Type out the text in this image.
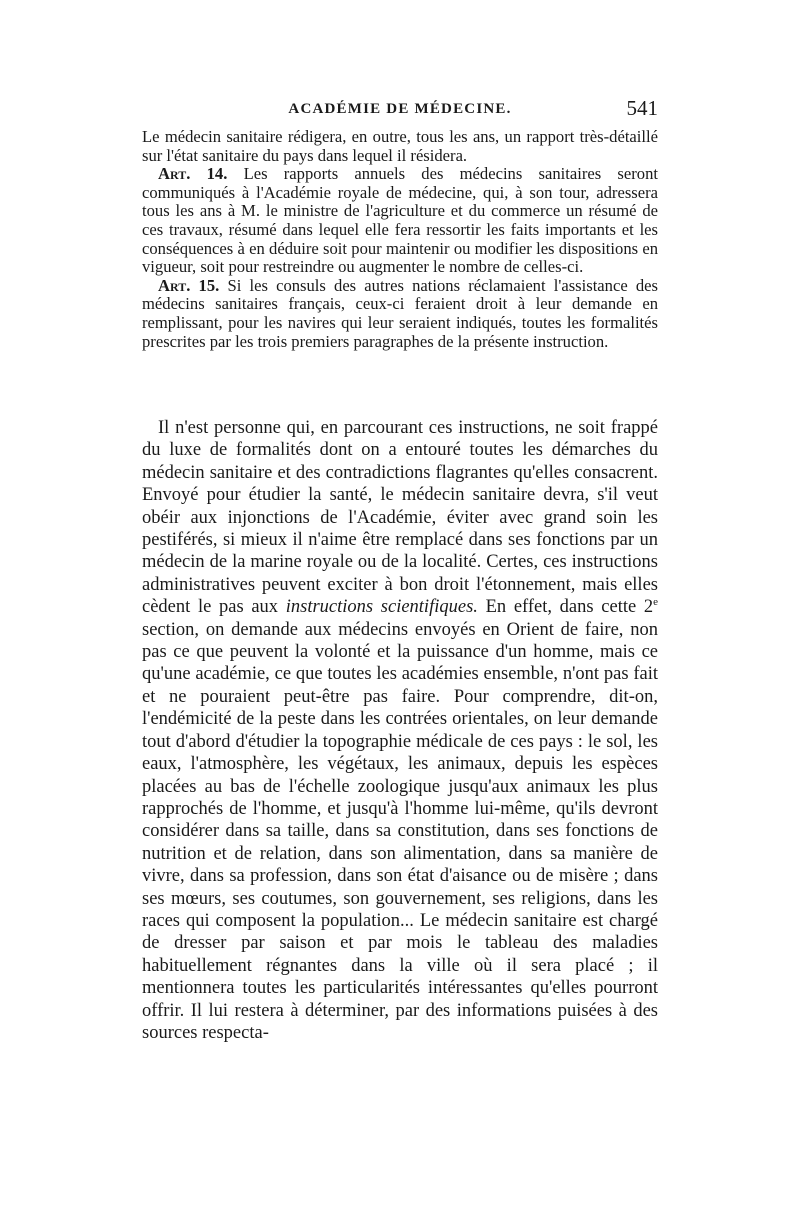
ACADÉMIE DE MÉDECINE.	541

Le médecin sanitaire rédigera, en outre, tous les ans, un rapport très-détaillé sur l'état sanitaire du pays dans lequel il résidera.

Art. 14. Les rapports annuels des médecins sanitaires seront communiqués à l'Académie royale de médecine, qui, à son tour, adressera tous les ans à M. le ministre de l'agriculture et du commerce un résumé de ces travaux, résumé dans lequel elle fera ressortir les faits importants et les conséquences à en déduire soit pour maintenir ou modifier les dispositions en vigueur, soit pour restreindre ou augmenter le nombre de celles-ci.

Art. 15. Si les consuls des autres nations réclamaient l'assistance des médecins sanitaires français, ceux-ci feraient droit à leur demande en remplissant, pour les navires qui leur seraient indiqués, toutes les formalités prescrites par les trois premiers paragraphes de la présente instruction.

Il n'est personne qui, en parcourant ces instructions, ne soit frappé du luxe de formalités dont on a entouré toutes les démarches du médecin sanitaire et des contradictions flagrantes qu'elles consacrent. Envoyé pour étudier la santé, le médecin sanitaire devra, s'il veut obéir aux injonctions de l'Académie, éviter avec grand soin les pestiférés, si mieux il n'aime être remplacé dans ses fonctions par un médecin de la marine royale ou de la localité. Certes, ces instructions administratives peuvent exciter à bon droit l'étonnement, mais elles cèdent le pas aux instructions scientifiques. En effet, dans cette 2e section, on demande aux médecins envoyés en Orient de faire, non pas ce que peuvent la volonté et la puissance d'un homme, mais ce qu'une académie, ce que toutes les académies ensemble, n'ont pas fait et ne pouraient peut-être pas faire. Pour comprendre, dit-on, l'endémicité de la peste dans les contrées orientales, on leur demande tout d'abord d'étudier la topographie médicale de ces pays : le sol, les eaux, l'atmosphère, les végétaux, les animaux, depuis les espèces placées au bas de l'échelle zoologique jusqu'aux animaux les plus rapprochés de l'homme, et jusqu'à l'homme lui-même, qu'ils devront considérer dans sa taille, dans sa constitution, dans ses fonctions de nutrition et de relation, dans son alimentation, dans sa manière de vivre, dans sa profession, dans son état d'aisance ou de misère ; dans ses mœurs, ses coutumes, son gouvernement, ses religions, dans les races qui composent la population... Le médecin sanitaire est chargé de dresser par saison et par mois le tableau des maladies habituellement régnantes dans la ville où il sera placé ; il mentionnera toutes les particularités intéressantes qu'elles pourront offrir. Il lui restera à déterminer, par des informations puisées à des sources respecta-
